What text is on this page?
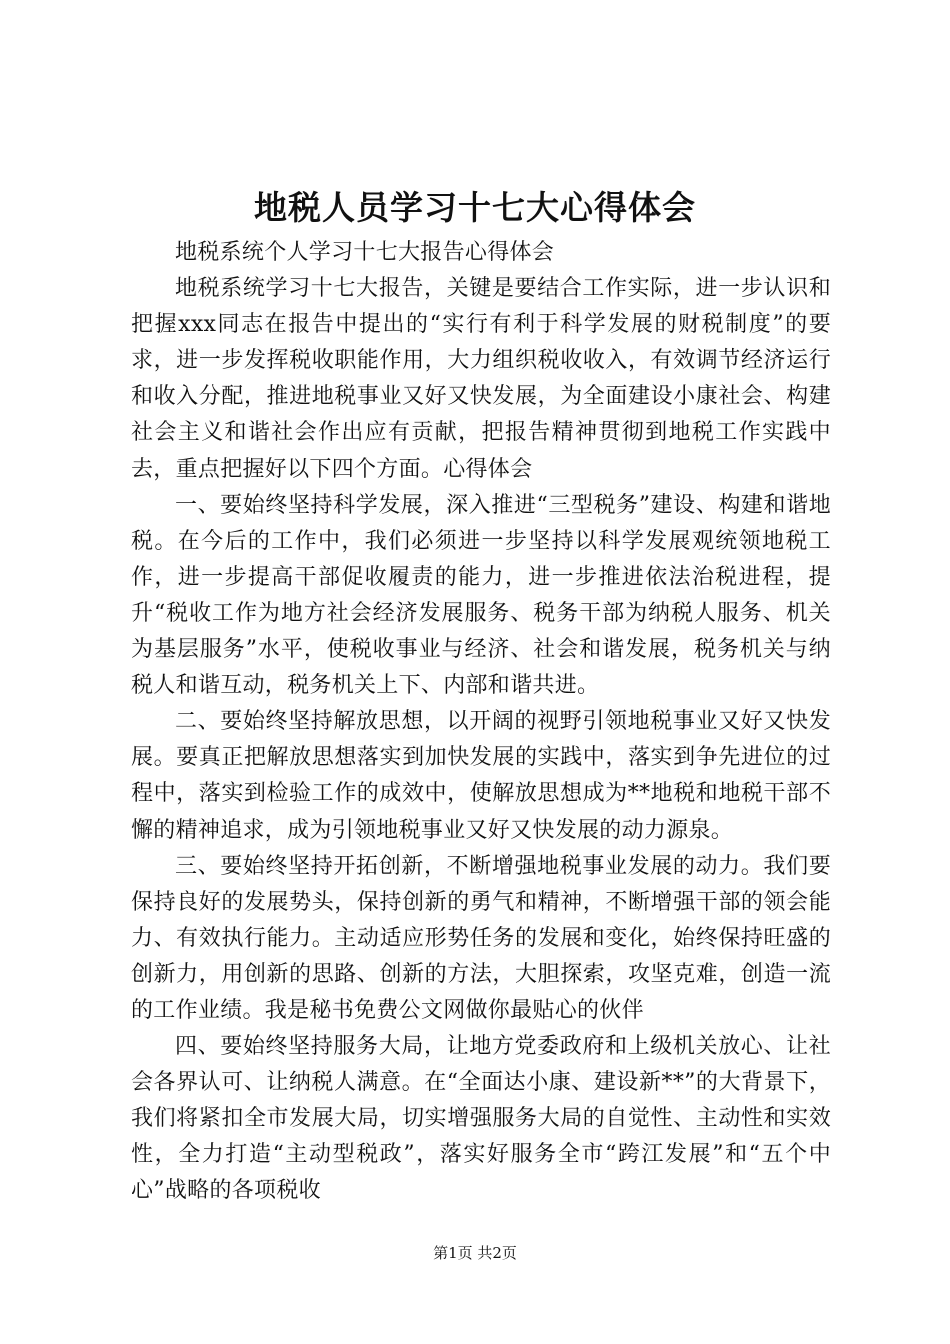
地税人员学习十七大心得体会

地税系统个人学习十七大报告心得体会

地税系统学习十七大报告，关键是要结合工作实际，进一步认识和把握xxx同志在报告中提出的“实行有利于科学发展的财税制度”的要求，进一步发挥税收职能作用，大力组织税收收入，有效调节经济运行和收入分配，推进地税事业又好又快发展，为全面建设小康社会、构建社会主义和谐社会作出应有贡献，把报告精神贯彻到地税工作实践中去，重点把握好以下四个方面。心得体会

一、要始终坚持科学发展，深入推进“三型税务”建设、构建和谐地税。在今后的工作中，我们必须进一步坚持以科学发展观统领地税工作，进一步提高干部促收履责的能力，进一步推进依法治税进程，提升“税收工作为地方社会经济发展服务、税务干部为纳税人服务、机关为基层服务”水平，使税收事业与经济、社会和谐发展，税务机关与纳税人和谐互动，税务机关上下、内部和谐共进。

二、要始终坚持解放思想，以开阔的视野引领地税事业又好又快发展。要真正把解放思想落实到加快发展的实践中，落实到争先进位的过程中，落实到检验工作的成效中，使解放思想成为**地税和地税干部不懈的精神追求，成为引领地税事业又好又快发展的动力源泉。

三、要始终坚持开拓创新，不断增强地税事业发展的动力。我们要保持良好的发展势头，保持创新的勇气和精神，不断增强干部的领会能力、有效执行能力。主动适应形势任务的发展和变化，始终保持旺盛的创新力，用创新的思路、创新的方法，大胆探索，攻坚克难，创造一流的工作业绩。我是秘书免费公文网做你最贴心的伙伴

四、要始终坚持服务大局，让地方党委政府和上级机关放心、让社会各界认可、让纳税人满意。在“全面达小康、建设新**”的大背景下，我们将紧扣全市发展大局，切实增强服务大局的自觉性、主动性和实效性，全力打造“主动型税政”，落实好服务全市“跨江发展”和“五个中心”战略的各项税收

第1页 共2页
